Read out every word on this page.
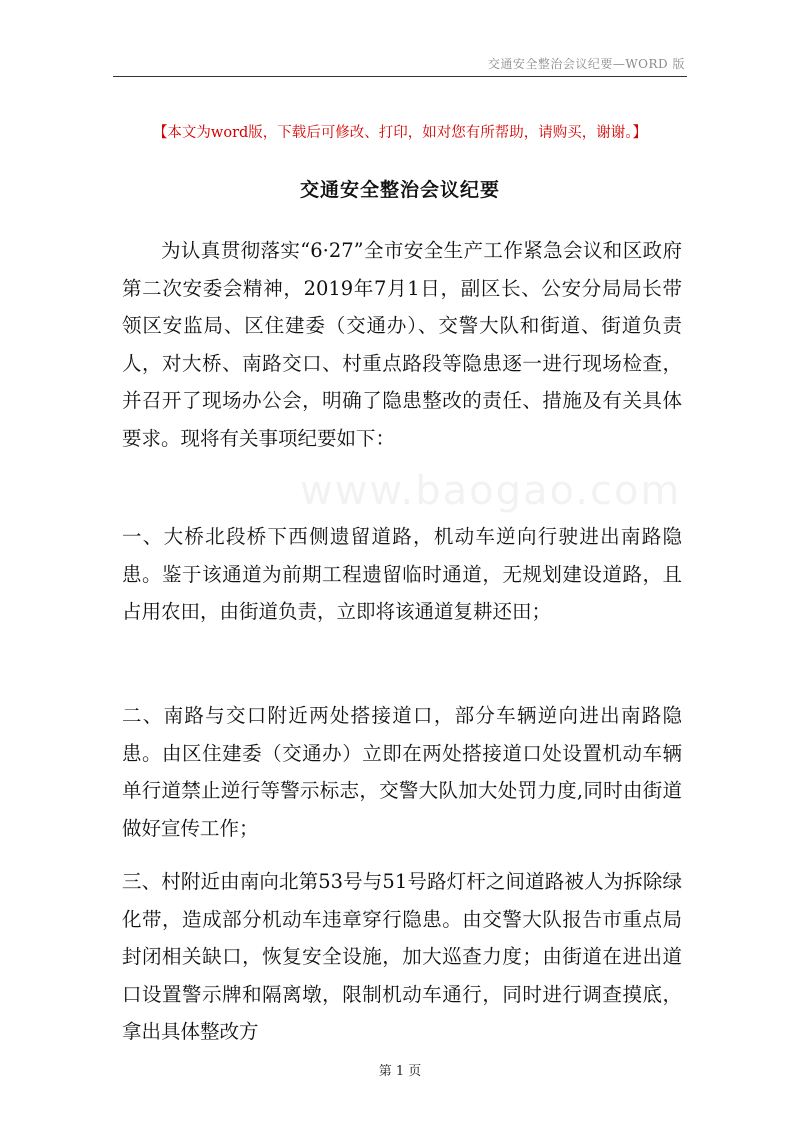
交通安全整治会议纪要—WORD 版
【本文为word版，下载后可修改、打印，如对您有所帮助，请购买，谢谢。】
交通安全整治会议纪要
www.baogao.com
为认真贯彻落实“6·27”全市安全生产工作紧急会议和区政府第二次安委会精神，2019年7月1日，副区长、公安分局局长带领区安监局、区住建委（交通办）、交警大队和街道、街道负责人，对大桥、南路交口、村重点路段等隐患逐一进行现场检查，并召开了现场办公会，明确了隐患整改的责任、措施及有关具体要求。现将有关事项纪要如下：
一、大桥北段桥下西侧遗留道路，机动车逆向行驶进出南路隐患。鉴于该通道为前期工程遗留临时通道，无规划建设道路，且占用农田，由街道负责，立即将该通道复耕还田；
二、南路与交口附近两处搭接道口，部分车辆逆向进出南路隐患。由区住建委（交通办）立即在两处搭接道口处设置机动车辆单行道禁止逆行等警示标志，交警大队加大处罚力度,同时由街道做好宣传工作；
三、村附近由南向北第53号与51号路灯杆之间道路被人为拆除绿化带，造成部分机动车违章穿行隐患。由交警大队报告市重点局封闭相关缺口，恢复安全设施，加大巡查力度；由街道在进出道口设置警示牌和隔离墩，限制机动车通行，同时进行调查摸底，拿出具体整改方
第 1 页
